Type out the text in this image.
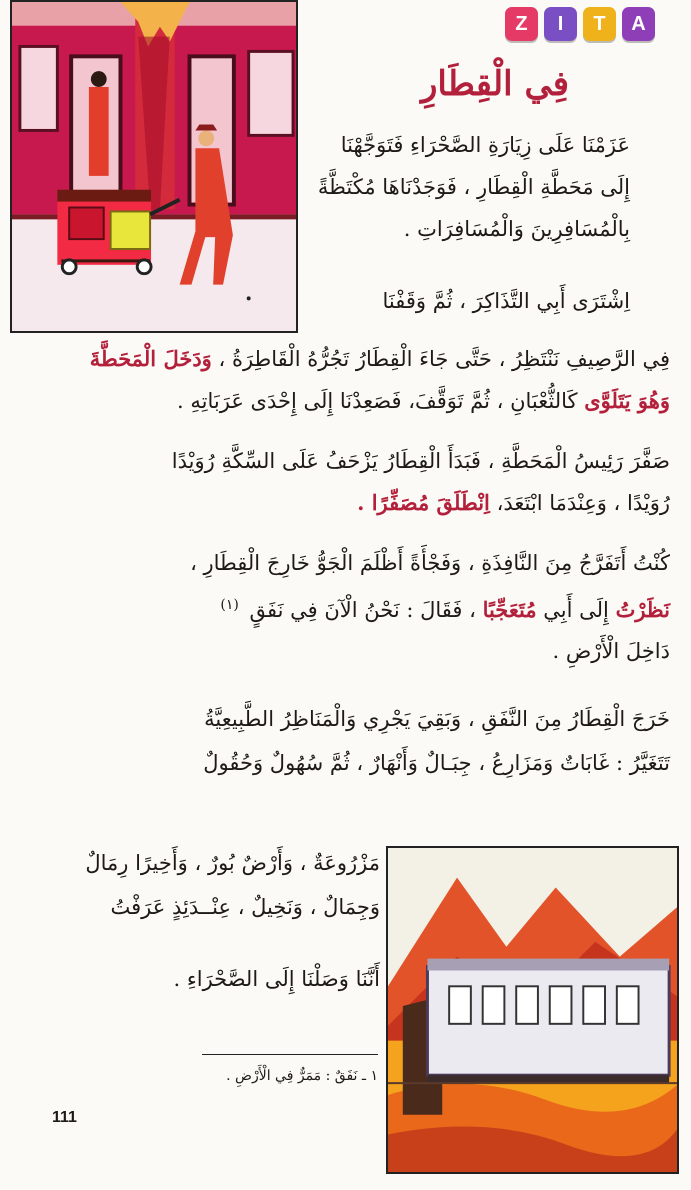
Z	I	T	A
فِي الْقِطَارِ
عَزَمْنَا عَلَى زِيَارَةِ الصَّحْرَاءِ فَتَوَجَّهْنَا
إِلَى مَحَطَّةِ الْقِطَارِ ، فَوَجَدْنَاهَا مُكْتَظَّةً
بِالْمُسَافِرِينَ وَالْمُسَافِرَاتِ .
اِشْتَرَى أَبِي التَّذَاكِرَ ، ثُمَّ وَقَفْنَا
فِي الرَّصِيفِ نَنْتَظِرُ ، حَتَّى جَاءَ الْقِطَارُ تَجُرُّهُ الْقَاطِرَةُ ، وَدَخَلَ الْمَحَطَّةَ
وَهُوَ يَتَلَوَّى كَالثُّعْبَانِ ، ثُمَّ تَوَقَّفَ، فَصَعِدْنَا إِلَى إِحْدَى عَرَبَاتِهِ .
صَفَّرَ رَئِيسُ الْمَحَطَّةِ ، فَبَدَأَ الْقِطَارُ يَزْحَفُ عَلَى السِّكَّةِ رُوَيْدًا
رُوَيْدًا ، وَعِنْدَمَا ابْتَعَدَ، اِنْطَلَقَ مُصَفِّرًا .
كُنْتُ أَتَفَرَّجُ مِنَ النَّافِذَةِ ، وَفَجْأَةً أَظْلَمَ الْجَوُّ خَارِجَ الْقِطَارِ ،
نَظَرْتُ إِلَى أَبِي مُتَعَجِّبًا ، فَقَالَ : نَحْنُ الْآنَ فِي نَفَقٍ $^{(١)}$
دَاخِلَ الْأَرْضِ .
خَرَجَ الْقِطَارُ مِنَ النَّفَقِ ، وَبَقِيَ يَجْرِي وَالْمَنَاظِرُ الطَّبِيعِيَّةُ
تَتَغَيَّرُ : غَابَاتٌ وَمَزَارِعُ ، جِبَـالٌ وَأَنْهَارٌ ، ثُمَّ سُهُولٌ وَحُقُولٌ
مَزْرُوعَةٌ ، وَأَرْضٌ بُورٌ ، وَأَخِيرًا رِمَالٌ
وَجِمَالٌ ، وَنَخِيلٌ ، عِنْــدَئِذٍ عَرَفْتُ
أَنَّنَا وَصَلْنَا إِلَى الصَّحْرَاءِ .
١ ـ نَفَقٌ : مَمَرٌّ فِي الْأَرْضِ .
111
